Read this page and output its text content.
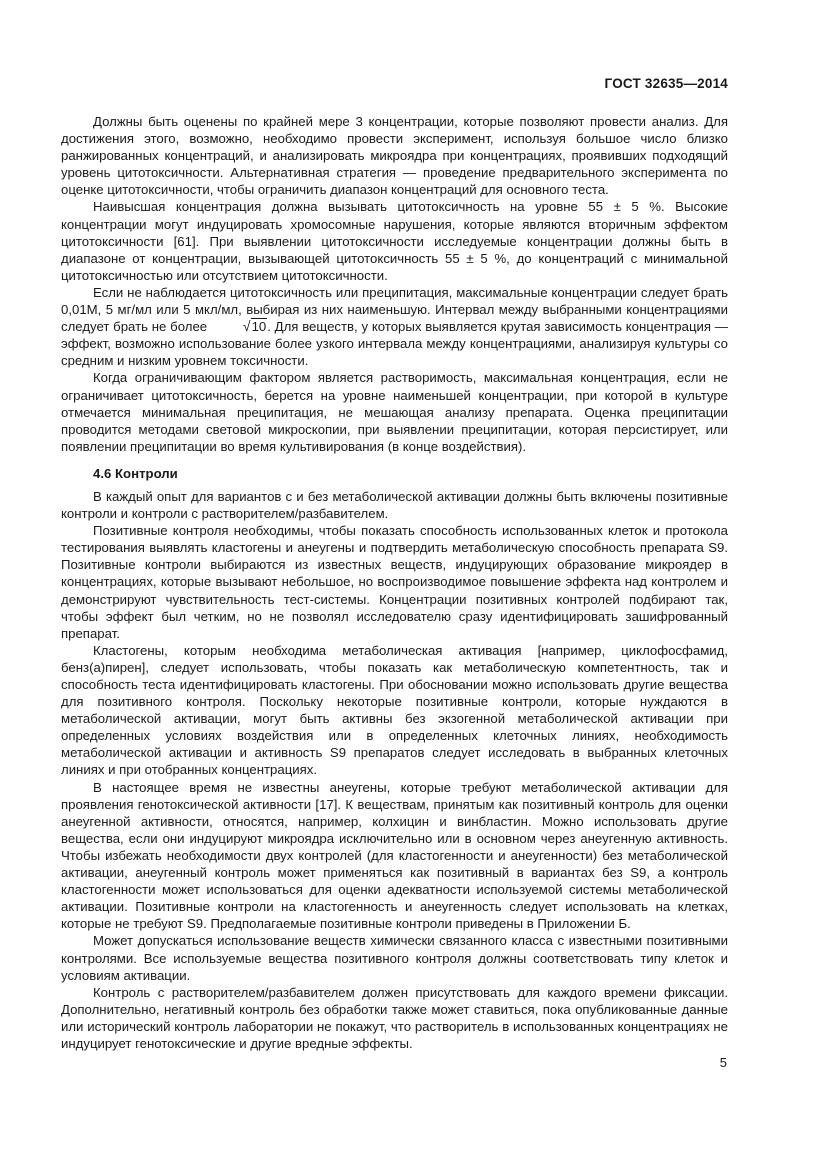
ГОСТ 32635—2014

Должны быть оценены по крайней мере 3 концентрации, которые позволяют провести анализ. Для достижения этого, возможно, необходимо провести эксперимент, используя большое число близко ранжированных концентраций, и анализировать микроядра при концентрациях, проявивших подходящий уровень цитотоксичности. Альтернативная стратегия — проведение предварительного эксперимента по оценке цитотоксичности, чтобы ограничить диапазон концентраций для основного теста.

Наивысшая концентрация должна вызывать цитотоксичность на уровне 55 ± 5 %. Высокие концентрации могут индуцировать хромосомные нарушения, которые являются вторичным эффектом цитотоксичности [61]. При выявлении цитотоксичности исследуемые концентрации должны быть в диапазоне от концентрации, вызывающей цитотоксичность 55 ± 5 %, до концентраций с минимальной цитотоксичностью или отсутствием цитотоксичности.

Если не наблюдается цитотоксичность или преципитация, максимальные концентрации следует брать 0,01М, 5 мг/мл или 5 мкл/мл, выбирая из них наименьшую. Интервал между выбранными концентрациями следует брать не более √10. Для веществ, у которых выявляется крутая зависимость концентрация — эффект, возможно использование более узкого интервала между концентрациями, анализируя культуры со средним и низким уровнем токсичности.

Когда ограничивающим фактором является растворимость, максимальная концентрация, если не ограничивает цитотоксичность, берется на уровне наименьшей концентрации, при которой в культуре отмечается минимальная преципитация, не мешающая анализу препарата. Оценка преципитации проводится методами световой микроскопии, при выявлении преципитации, которая персистирует, или появлении преципитации во время культивирования (в конце воздействия).

4.6 Контроли

В каждый опыт для вариантов с и без метаболической активации должны быть включены позитивные контроли и контроли с растворителем/разбавителем.

Позитивные контроля необходимы, чтобы показать способность использованных клеток и протокола тестирования выявлять кластогены и анеугены и подтвердить метаболическую способность препарата S9. Позитивные контроли выбираются из известных веществ, индуцирующих образование микроядер в концентрациях, которые вызывают небольшое, но воспроизводимое повышение эффекта над контролем и демонстрируют чувствительность тест-системы. Концентрации позитивных контролей подбирают так, чтобы эффект был четким, но не позволял исследователю сразу идентифицировать зашифрованный препарат.

Кластогены, которым необходима метаболическая активация [например, циклофосфамид, бенз(а)пирен], следует использовать, чтобы показать как метаболическую компетентность, так и способность теста идентифицировать кластогены. При обосновании можно использовать другие вещества для позитивного контроля. Поскольку некоторые позитивные контроли, которые нуждаются в метаболической активации, могут быть активны без экзогенной метаболической активации при определенных условиях воздействия или в определенных клеточных линиях, необходимость метаболической активации и активность S9 препаратов следует исследовать в выбранных клеточных линиях и при отобранных концентрациях.

В настоящее время не известны анеугены, которые требуют метаболической активации для проявления генотоксической активности [17]. К веществам, принятым как позитивный контроль для оценки анеугенной активности, относятся, например, колхицин и винбластин. Можно использовать другие вещества, если они индуцируют микроядра исключительно или в основном через анеугенную активность. Чтобы избежать необходимости двух контролей (для кластогенности и анеугенности) без метаболической активации, анеугенный контроль может применяться как позитивный в вариантах без S9, а контроль кластогенности может использоваться для оценки адекватности используемой системы метаболической активации. Позитивные контроли на кластогенность и анеугенность следует использовать на клетках, которые не требуют S9. Предполагаемые позитивные контроли приведены в Приложении Б.

Может допускаться использование веществ химически связанного класса с известными позитивными контролями. Все используемые вещества позитивного контроля должны соответствовать типу клеток и условиям активации.

Контроль с растворителем/разбавителем должен присутствовать для каждого времени фиксации. Дополнительно, негативный контроль без обработки также может ставиться, пока опубликованные данные или исторический контроль лаборатории не покажут, что растворитель в использованных концентрациях не индуцирует генотоксические и другие вредные эффекты.

5
